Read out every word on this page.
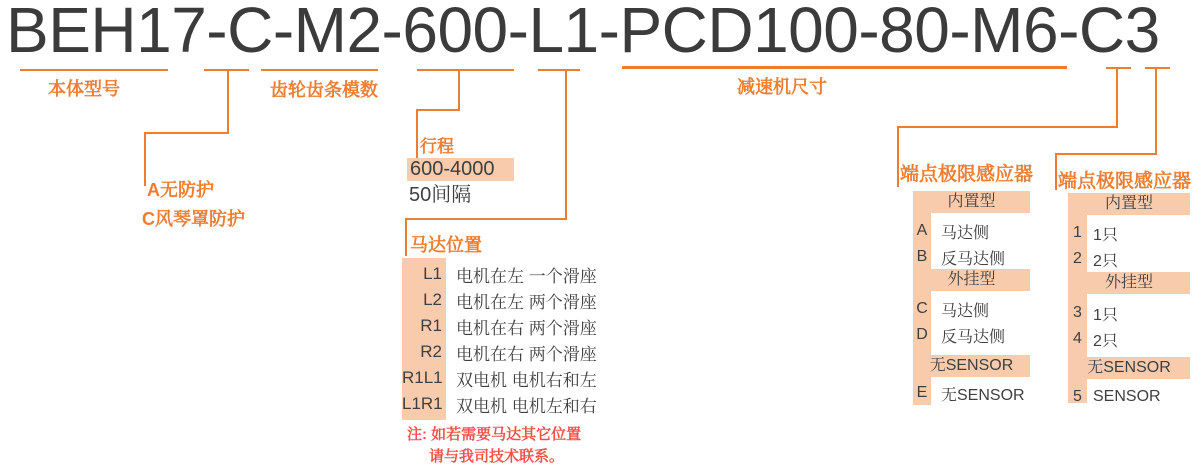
BEH17-C-M2-600-L1-PCD100-80-M6-C3
本体型号
A无防护
C风琴罩防护
齿轮齿条模数
行程
600-4000
50间隔
马达位置
L1 电机在左 一个滑座
L2 电机在左 两个滑座
R1 电机在右 两个滑座
R2 电机在右 两个滑座
R1L1 双电机 电机右和左
L1R1 双电机 电机左和右
注: 如若需要马达其它位置
请与我司技术联系。
减速机尺寸
端点极限感应器
内置型
A 马达侧
B 反马达侧
外挂型
C 马达侧
D 反马达侧
无SENSOR
E 无SENSOR
端点极限感应器
内置型
1 1只
2 2只
外挂型
3 1只
4 2只
无SENSOR
5 SENSOR
